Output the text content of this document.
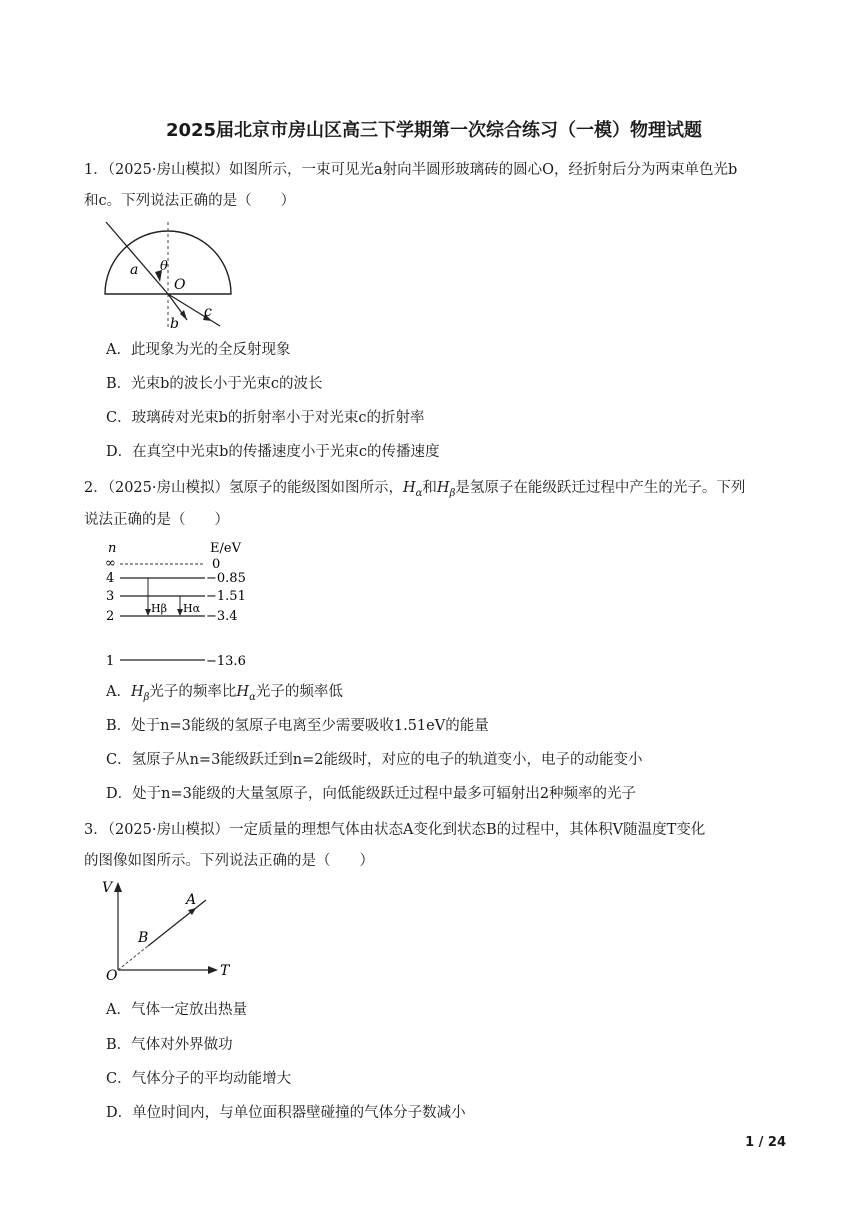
2025届北京市房山区高三下学期第一次综合练习（一模）物理试题
1．（2025·房山模拟）如图所示，一束可见光a射向半圆形玻璃砖的圆心O，经折射后分为两束单色光b
和c。下列说法正确的是（　　）
a θ
O
b
c
A．此现象为光的全反射现象
B．光束b的波长小于光束c的波长
C．玻璃砖对光束b的折射率小于对光束c的折射率
D．在真空中光束b的传播速度小于光束c的传播速度
2．（2025·房山模拟）氢原子的能级图如图所示，$H_\alpha$和$H_\beta$是氢原子在能级跃迁过程中产生的光子。下列
说法正确的是（　　）
n	E/eV
∞	0
4	−0.85
3	−1.51
2	−3.4
Hβ Hα
1	−13.6
A．$H_\beta$光子的频率比$H_\alpha$光子的频率低
B．处于n=3能级的氢原子电离至少需要吸收1.51eV的能量
C．氢原子从n=3能级跃迁到n=2能级时，对应的电子的轨道变小，电子的动能变小
D．处于n=3能级的大量氢原子，向低能级跃迁过程中最多可辐射出2种频率的光子
3．（2025·房山模拟）一定质量的理想气体由状态A变化到状态B的过程中，其体积V随温度T变化
的图像如图所示。下列说法正确的是（　　）
V
T
O
A
B
A．气体一定放出热量
B．气体对外界做功
C．气体分子的平均动能增大
D．单位时间内，与单位面积器壁碰撞的气体分子数减小
1 / 24
